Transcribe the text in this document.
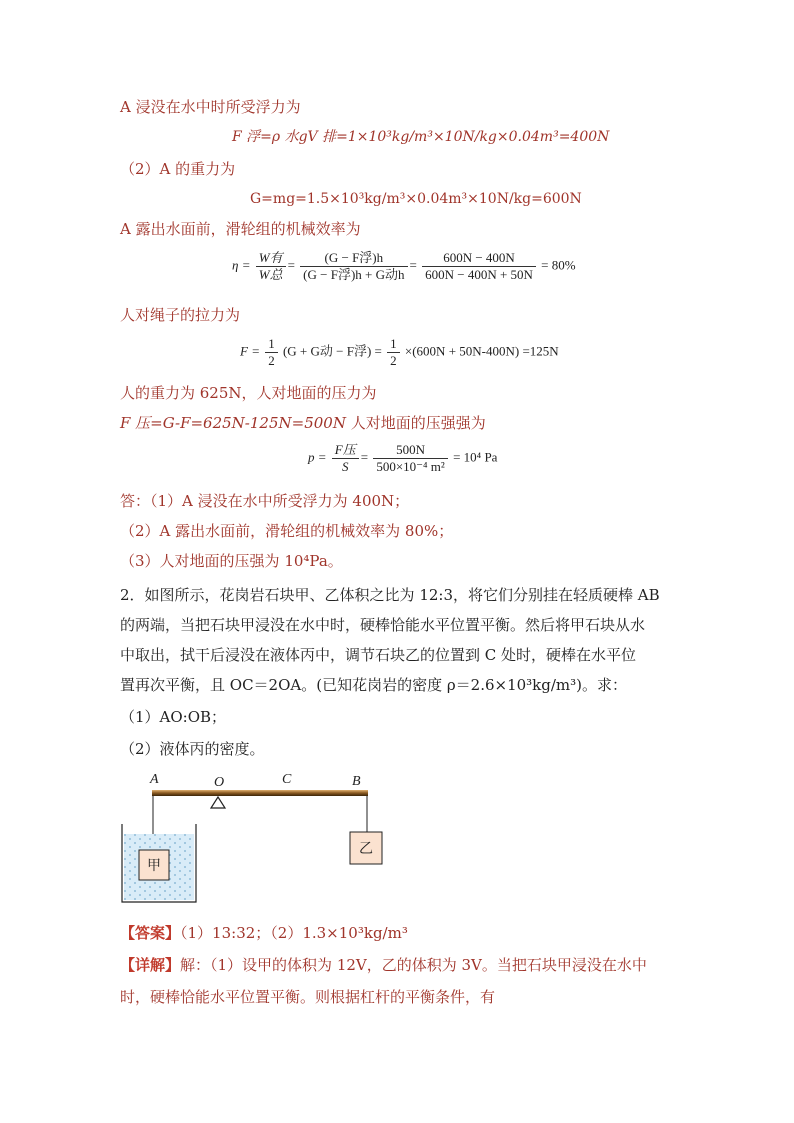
A 浸没在水中时所受浮力为
F 浮=ρ 水gV 排=1×10³kg/m³×10N/kg×0.04m³=400N
（2）A 的重力为
G=mg=1.5×10³kg/m³×0.04m³×10N/kg=600N
A 露出水面前，滑轮组的机械效率为
$\eta = \frac{\text{W有}}{\text{W总}} = \frac{\text{(G − F浮)h}}{\text{(G − F浮)h + G动h}} = \frac{600N - 400N}{600N - 400N + 50N} = 80\%$
人对绳子的拉力为
$F = \frac{1}{2} (G + G$动 − F浮) = $\frac{1}{2} \times(600N + 50N-400N) =125N$
人的重力为 625N，人对地面的压力为
F 压=G-F=625N-125N=500N 人对地面的压强强为
$p = \frac{\text{F压}}{S} = \frac{500N}{\text{500×10⁻⁴ m²}} = 10^4$ Pa
答：（1）A 浸没在水中所受浮力为 400N；
（2）A 露出水面前，滑轮组的机械效率为 80%；
（3）人对地面的压强为 10⁴Pa。
2．如图所示，花岗岩石块甲、乙体积之比为 12:3，将它们分别挂在轻质硬棒 AB
的两端，当把石块甲浸没在水中时，硬棒恰能水平位置平衡。然后将甲石块从水
中取出，拭干后浸没在液体丙中，调节石块乙的位置到 C 处时，硬棒在水平位
置再次平衡，且 OC＝2OA。(已知花岗岩的密度 ρ＝2.6×10³kg/m³)。求：
（1）AO:OB；
（2）液体丙的密度。
A	O	C	B
甲
乙
【答案】（1）13:32；（2）1.3×10³kg/m³
【详解】解：（1）设甲的体积为 12V，乙的体积为 3V。当把石块甲浸没在水中
时，硬棒恰能水平位置平衡。则根据杠杆的平衡条件，有
